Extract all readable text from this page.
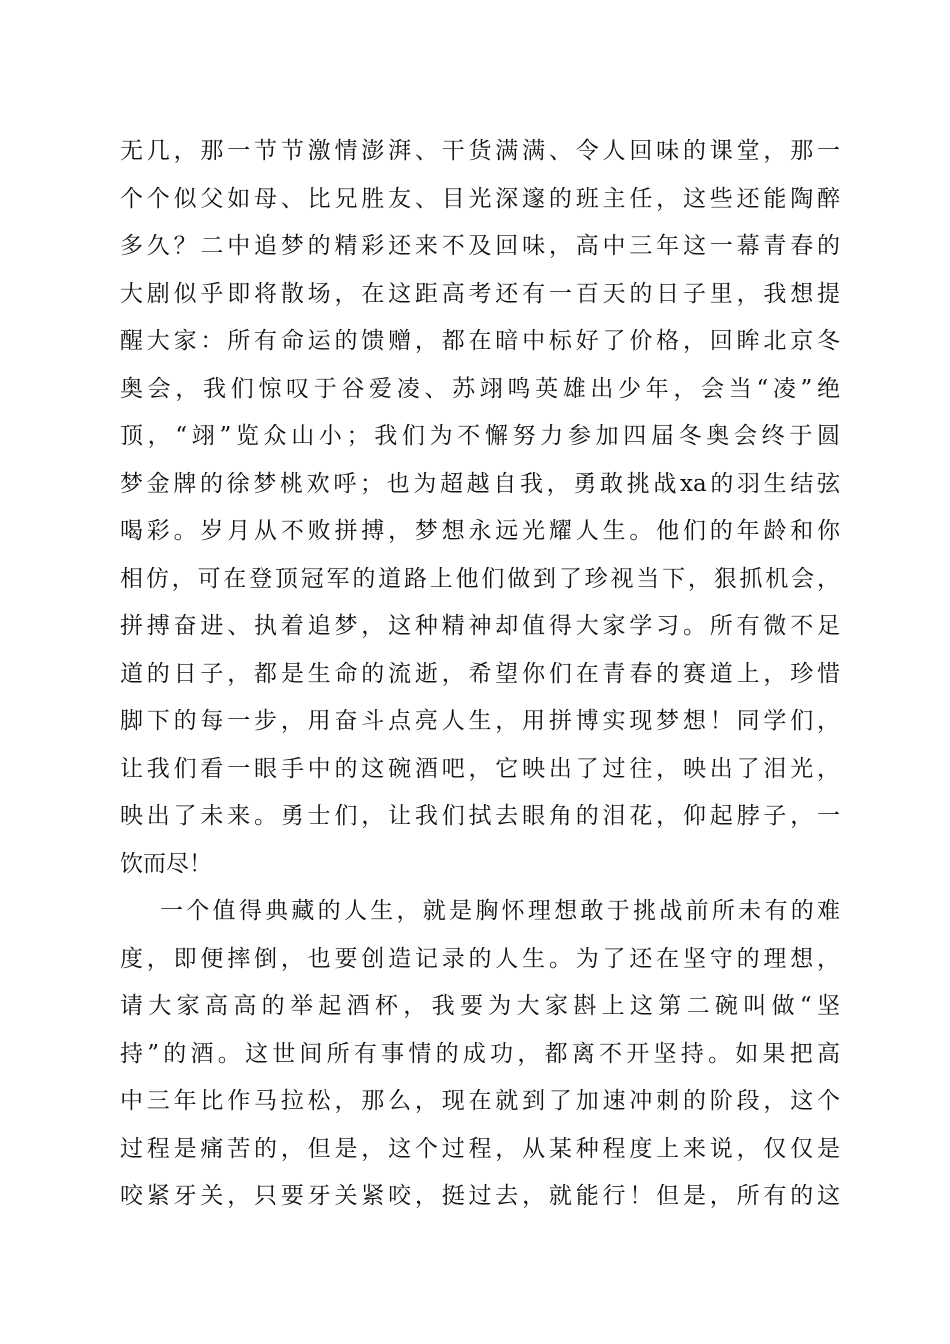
无几，那一节节激情澎湃、干货满满、令人回味的课堂，那一
个个似父如母、比兄胜友、目光深邃的班主任，这些还能陶醉
多久？二中追梦的精彩还来不及回味，高中三年这一幕青春的
大剧似乎即将散场，在这距高考还有一百天的日子里，我想提
醒大家：所有命运的馈赠，都在暗中标好了价格，回眸北京冬
奥会，我们惊叹于谷爱凌、苏翊鸣英雄出少年，会当“凌”绝
顶，“翊”览众山小；我们为不懈努力参加四届冬奥会终于圆
梦金牌的徐梦桃欢呼；也为超越自我，勇敢挑战xa的羽生结弦
喝彩。岁月从不败拼搏，梦想永远光耀人生。他们的年龄和你
相仿，可在登顶冠军的道路上他们做到了珍视当下，狠抓机会，
拼搏奋进、执着追梦，这种精神却值得大家学习。所有微不足
道的日子，都是生命的流逝，希望你们在青春的赛道上，珍惜
脚下的每一步，用奋斗点亮人生，用拼博实现梦想！同学们，
让我们看一眼手中的这碗酒吧，它映出了过往，映出了泪光，
映出了未来。勇士们，让我们拭去眼角的泪花，仰起脖子，一
饮而尽！
一个值得典藏的人生，就是胸怀理想敢于挑战前所未有的难
度，即便摔倒，也要创造记录的人生。为了还在坚守的理想，
请大家高高的举起酒杯，我要为大家斟上这第二碗叫做“坚
持”的酒。这世间所有事情的成功，都离不开坚持。如果把高
中三年比作马拉松，那么，现在就到了加速冲刺的阶段，这个
过程是痛苦的，但是，这个过程，从某种程度上来说，仅仅是
咬紧牙关，只要牙关紧咬，挺过去，就能行！但是，所有的这
